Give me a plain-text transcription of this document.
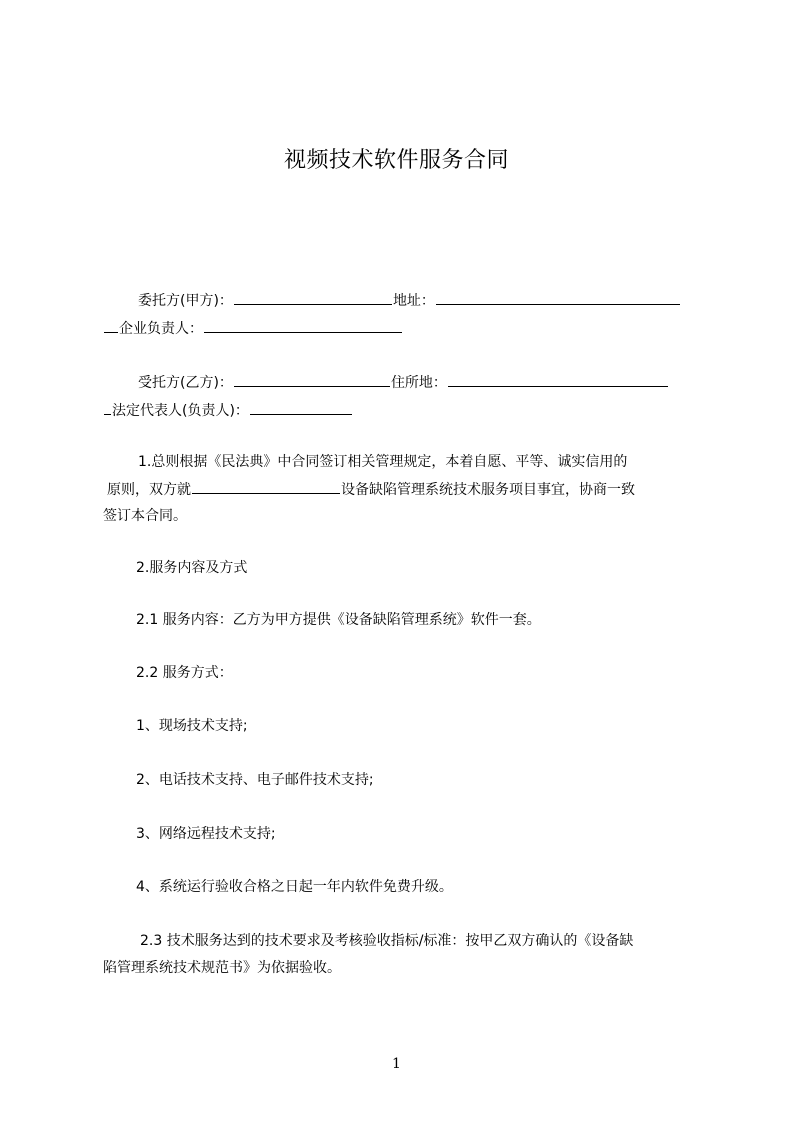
视频技术软件服务合同
委托方(甲方)：	地址：
企业负责人：
受托方(乙方)：	住所地：
法定代表人(负责人)：
1.总则根据《民法典》中合同签订相关管理规定，本着自愿、平等、诚实信用的
原则，双方就	设备缺陷管理系统技术服务项目事宜，协商一致
签订本合同。
2.服务内容及方式
2.1 服务内容：乙方为甲方提供《设备缺陷管理系统》软件一套。
2.2 服务方式：
1、现场技术支持;
2、电话技术支持、电子邮件技术支持;
3、网络远程技术支持;
4、系统运行验收合格之日起一年内软件免费升级。
2.3 技术服务达到的技术要求及考核验收指标/标准：按甲乙双方确认的《设备缺
陷管理系统技术规范书》为依据验收。
1
